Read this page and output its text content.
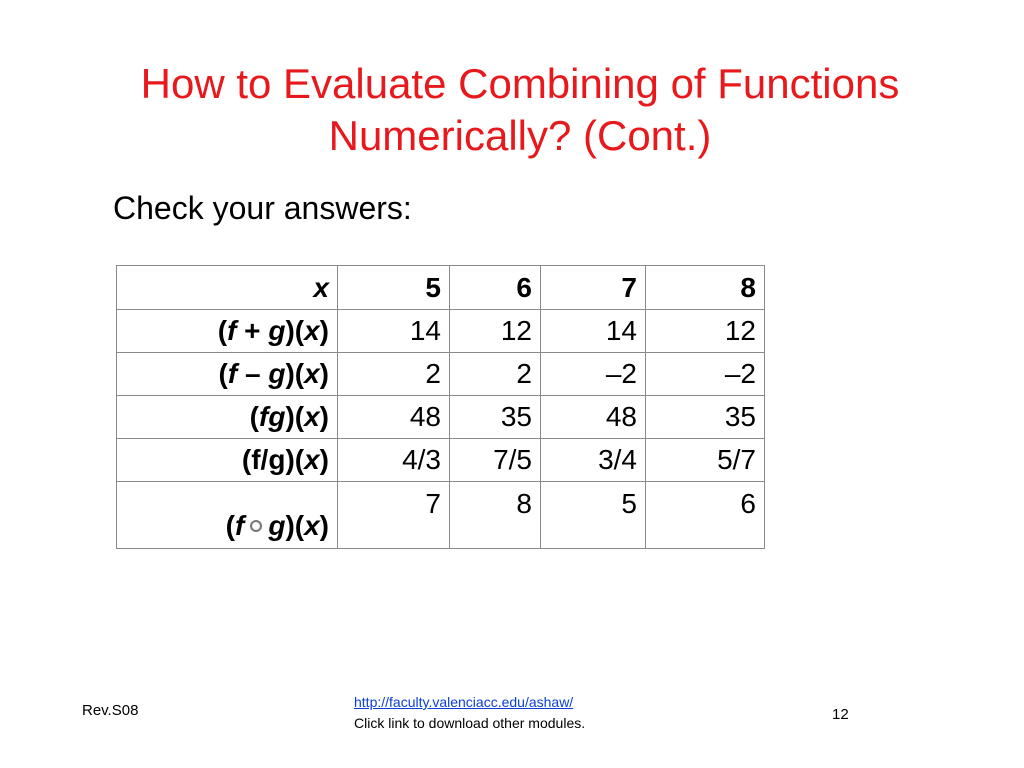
How to Evaluate Combining of Functions
Numerically? (Cont.)

Check your answers:

x	5	6	7	8
(f + g)(x)	14	12	14	12
(f – g)(x)	2	2	–2	–2
(fg)(x)	48	35	48	35
(f/g)(x)	4/3	7/5	3/4	5/7
(f g)(x)	7	8	5	6
Rev.S08	http://faculty.valenciacc.edu/ashaw/
Click link to download other modules.	12
